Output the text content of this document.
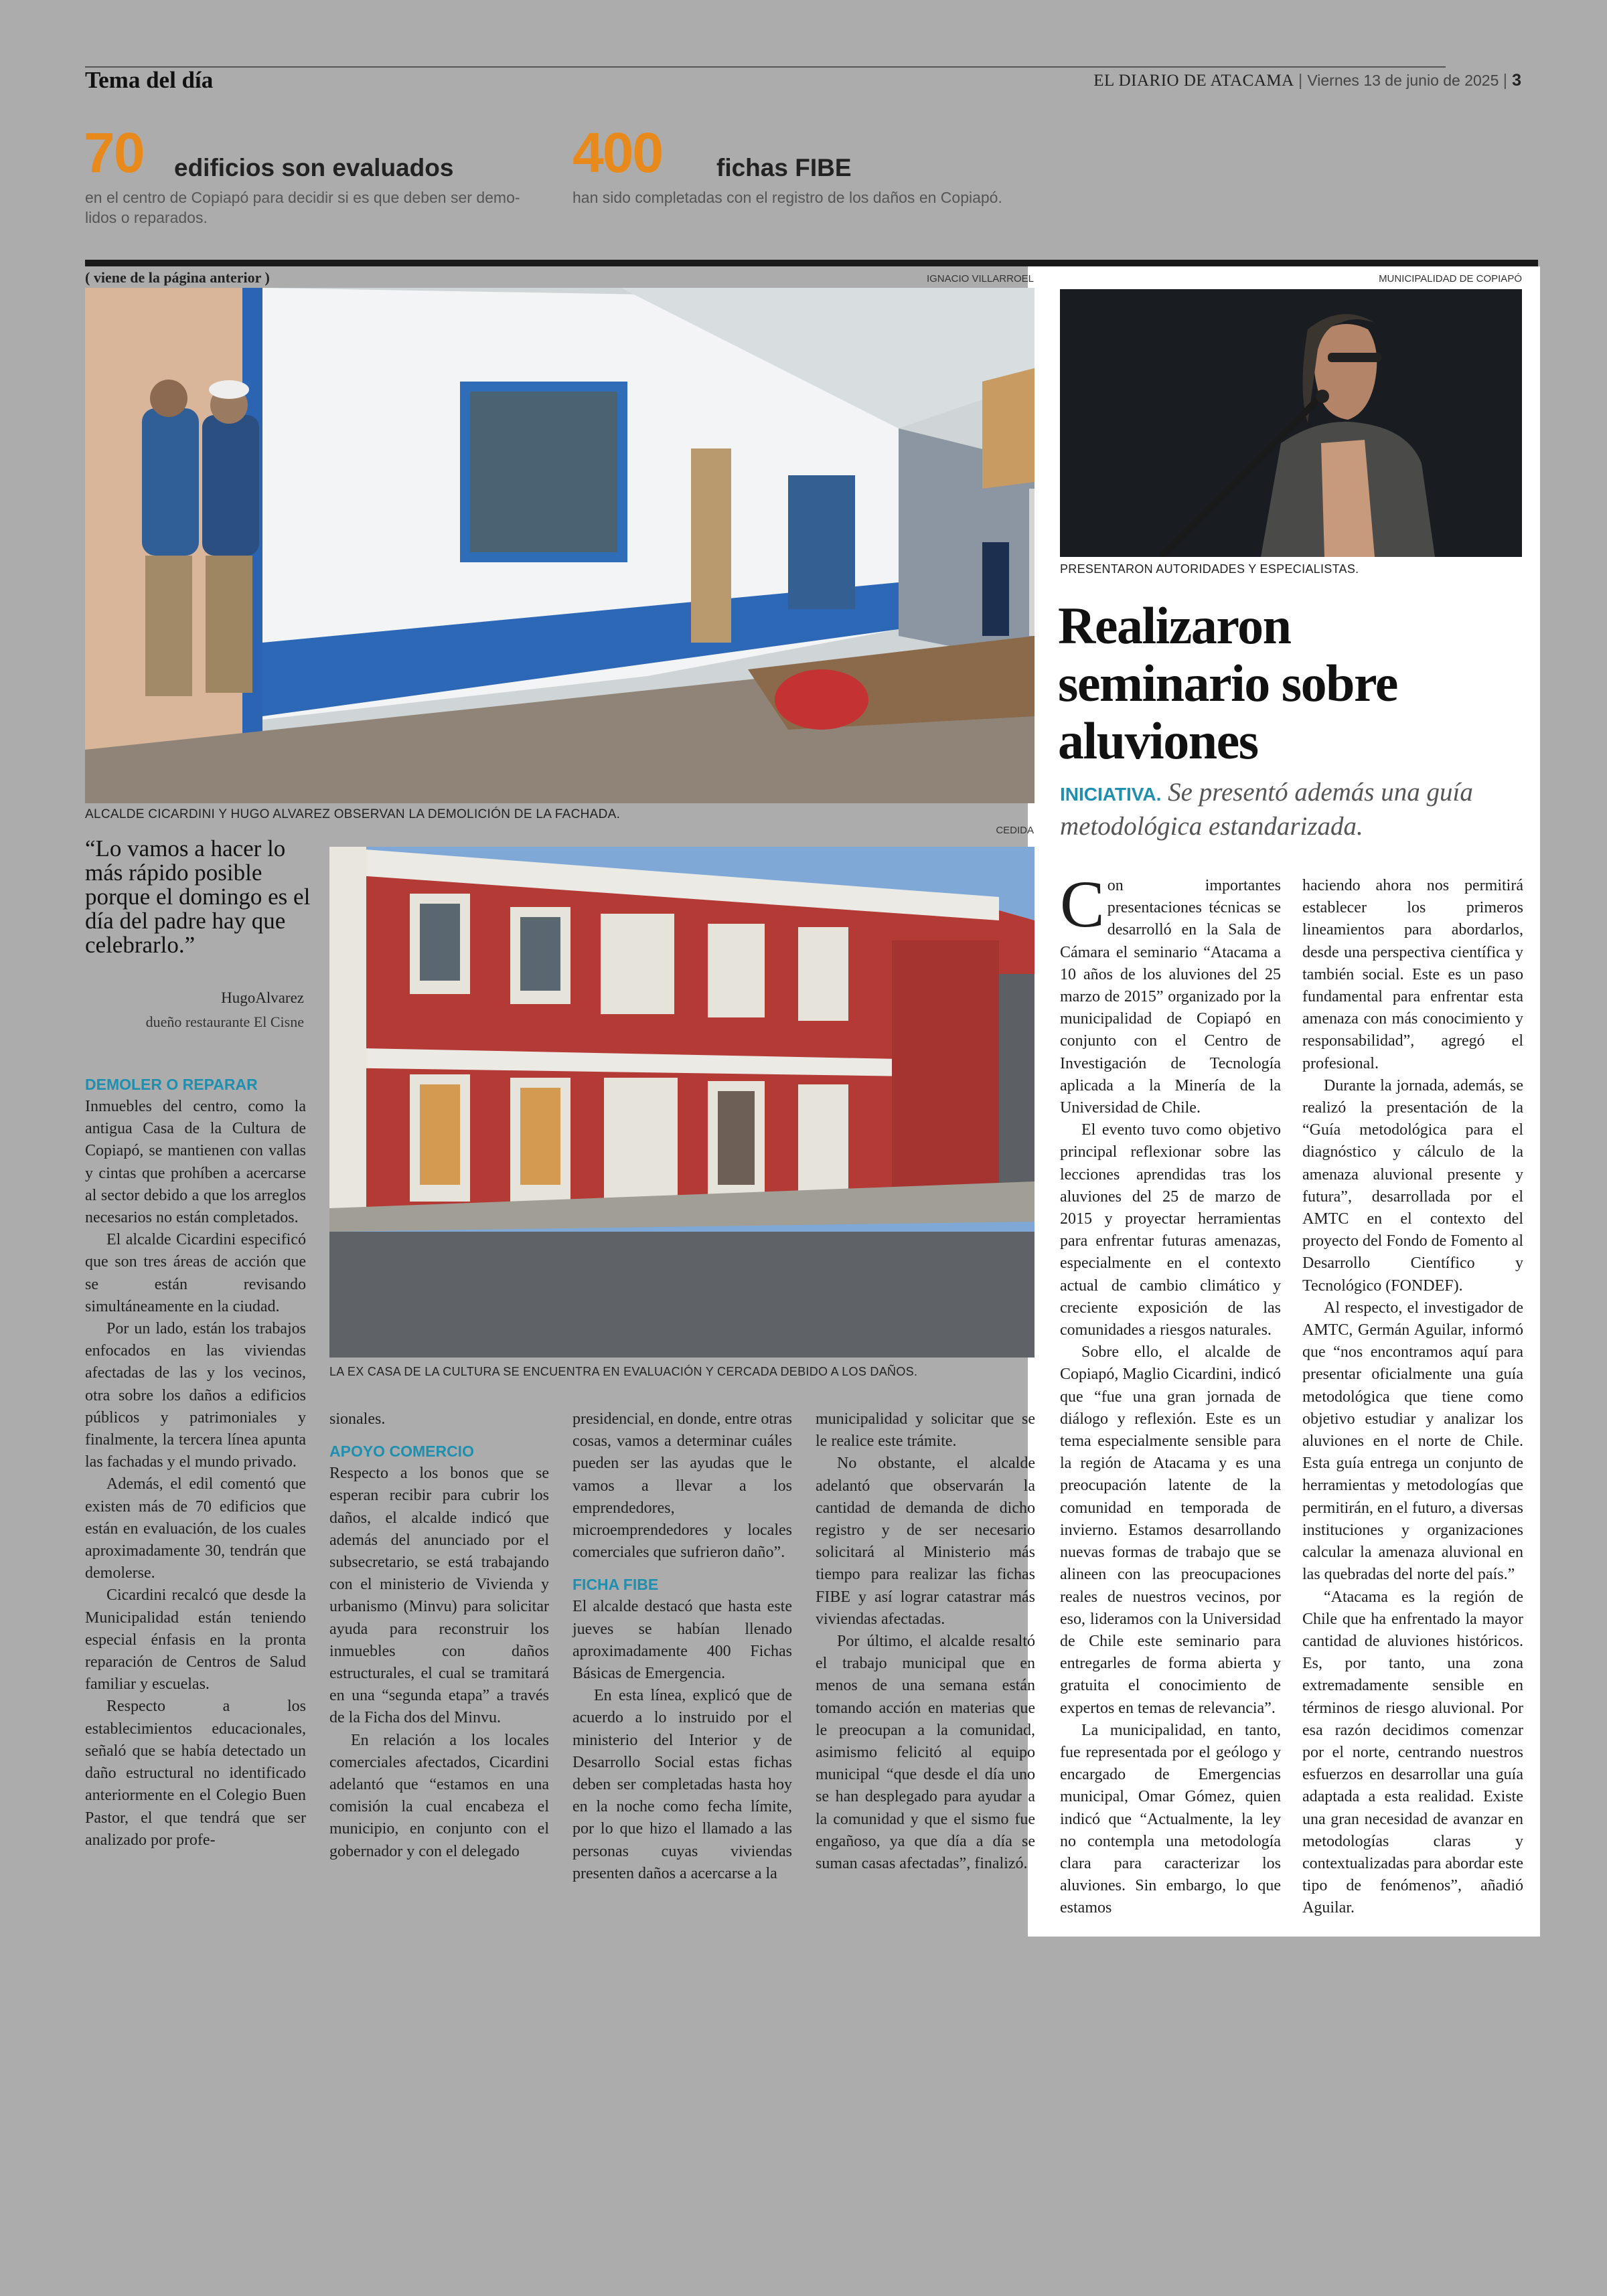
Tema del día	EL DIARIO DE ATACAMA | Viernes 13 de junio de 2025 | 3
70 edificios son evaluados
en el centro de Copiapó para decidir si es que deben ser demo-
lidos o reparados.
400 fichas FIBE
han sido completadas con el registro de los daños en Copiapó.
( viene de la página anterior )	IGNACIO VILLARROEL
ALCALDE CICARDINI Y HUGO ALVAREZ OBSERVAN LA DEMOLICIÓN DE LA FACHADA.
“Lo vamos a hacer lo más rápido posible porque el domingo es el día del padre hay que celebrarlo.”
HugoAlvarez
dueño restaurante El Cisne
CEDIDA
LA EX CASA DE LA CULTURA SE ENCUENTRA EN EVALUACIÓN Y CERCADA DEBIDO A LOS DAÑOS.
DEMOLER O REPARAR

Inmuebles del centro, como la antigua Casa de la Cultura de Copiapó, se mantienen con vallas y cintas que prohíben a acercarse al sector debido a que los arreglos necesarios no están completados.

El alcalde Cicardini especificó que son tres áreas de acción que se están revisando simultáneamente en la ciudad.

Por un lado, están los trabajos enfocados en las viviendas afectadas de las y los vecinos, otra sobre los daños a edificios públicos y patrimoniales y finalmente, la tercera línea apunta las fachadas y el mundo privado.

Además, el edil comentó que existen más de 70 edificios que están en evaluación, de los cuales aproximadamente 30, tendrán que demolerse.

Cicardini recalcó que desde la Municipalidad están teniendo especial énfasis en la pronta reparación de Centros de Salud familiar y escuelas.

Respecto a los establecimientos educacionales, señaló que se había detectado un daño estructural no identificado anteriormente en el Colegio Buen Pastor, el que tendrá que ser analizado por profe-

sionales.

APOYO COMERCIO

Respecto a los bonos que se esperan recibir para cubrir los daños, el alcalde indicó que además del anunciado por el subsecretario, se está trabajando con el ministerio de Vivienda y urbanismo (Minvu) para solicitar ayuda para reconstruir los inmuebles con daños estructurales, el cual se tramitará en una “segunda etapa” a través de la Ficha dos del Minvu.

En relación a los locales comerciales afectados, Cicardini adelantó que “estamos en una comisión la cual encabeza el municipio, en conjunto con el gobernador y con el delegado

presidencial, en donde, entre otras cosas, vamos a determinar cuáles pueden ser las ayudas que le vamos a llevar a los emprendedores, microemprendedores y locales comerciales que sufrieron daño”.

FICHA FIBE

El alcalde destacó que hasta este jueves se habían llenado aproximadamente 400 Fichas Básicas de Emergencia.

En esta línea, explicó que de acuerdo a lo instruido por el ministerio del Interior y de Desarrollo Social estas fichas deben ser completadas hasta hoy en la noche como fecha límite, por lo que hizo el llamado a las personas cuyas viviendas presenten daños a acercarse a la

municipalidad y solicitar que se le realice este trámite.

No obstante, el alcalde adelantó que observarán la cantidad de demanda de dicho registro y de ser necesario solicitará al Ministerio más tiempo para realizar las fichas FIBE y así lograr catastrar más viviendas afectadas.

Por último, el alcalde resaltó el trabajo municipal que en menos de una semana están tomando acción en materias que le preocupan a la comunidad, asimismo felicitó al equipo municipal “que desde el día uno se han desplegado para ayudar a la comunidad y que el sismo fue engañoso, ya que día a día se suman casas afectadas”, finalizó.

MUNICIPALIDAD DE COPIAPÓ
PRESENTARON AUTORIDADES Y ESPECIALISTAS.
Realizaron
seminario sobre
aluviones
INICIATIVA. Se presentó además una guía metodológica estandarizada.

Con importantes presentaciones técnicas se desarrolló en la Sala de Cámara el seminario “Atacama a 10 años de los aluviones del 25 marzo de 2015” organizado por la municipalidad de Copiapó en conjunto con el Centro de Investigación de Tecnología aplicada a la Minería de la Universidad de Chile.

El evento tuvo como objetivo principal reflexionar sobre las lecciones aprendidas tras los aluviones del 25 de marzo de 2015 y proyectar herramientas para enfrentar futuras amenazas, especialmente en el contexto actual de cambio climático y creciente exposición de las comunidades a riesgos naturales.

Sobre ello, el alcalde de Copiapó, Maglio Cicardini, indicó que “fue una gran jornada de diálogo y reflexión. Este es un tema especialmente sensible para la región de Atacama y es una preocupación latente de la comunidad en temporada de invierno. Estamos desarrollando nuevas formas de trabajo que se alineen con las preocupaciones reales de nuestros vecinos, por eso, lideramos con la Universidad de Chile este seminario para entregarles de forma abierta y gratuita el conocimiento de expertos en temas de relevancia”.

La municipalidad, en tanto, fue representada por el geólogo y encargado de Emergencias municipal, Omar Gómez, quien indicó que “Actualmente, la ley no contempla una metodología clara para caracterizar los aluviones. Sin embargo, lo que estamos

haciendo ahora nos permitirá establecer los primeros lineamientos para abordarlos, desde una perspectiva científica y también social. Este es un paso fundamental para enfrentar esta amenaza con más conocimiento y responsabilidad”, agregó el profesional.

Durante la jornada, además, se realizó la presentación de la “Guía metodológica para el diagnóstico y cálculo de la amenaza aluvional presente y futura”, desarrollada por el AMTC en el contexto del proyecto del Fondo de Fomento al Desarrollo Científico y Tecnológico (FONDEF).

Al respecto, el investigador de AMTC, Germán Aguilar, informó que “nos encontramos aquí para presentar oficialmente una guía metodológica que tiene como objetivo estudiar y analizar los aluviones en el norte de Chile. Esta guía entrega un conjunto de herramientas y metodologías que permitirán, en el futuro, a diversas instituciones y organizaciones calcular la amenaza aluvional en las quebradas del norte del país.”

“Atacama es la región de Chile que ha enfrentado la mayor cantidad de aluviones históricos. Es, por tanto, una zona extremadamente sensible en términos de riesgo aluvional. Por esa razón decidimos comenzar por el norte, centrando nuestros esfuerzos en desarrollar una guía adaptada a esta realidad. Existe una gran necesidad de avanzar en metodologías claras y contextualizadas para abordar este tipo de fenómenos”, añadió Aguilar.
